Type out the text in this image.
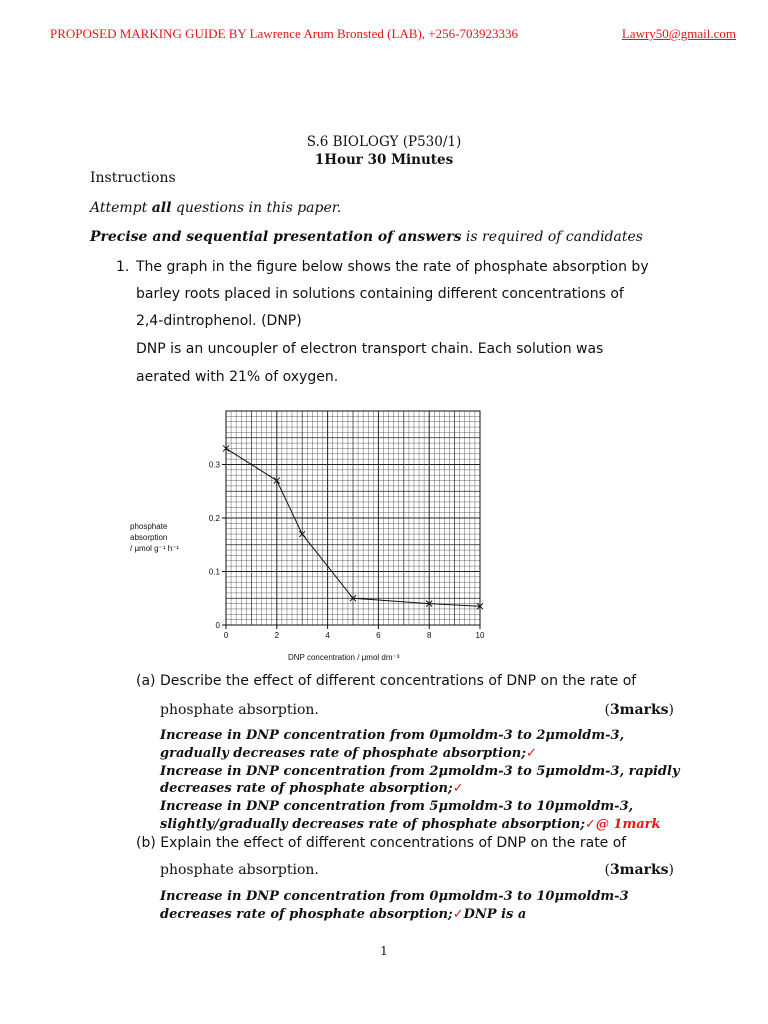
PROPOSED MARKING GUIDE BY Lawrence Arum Bronsted (LAB), +256-703923336	Lawry50@gmail.com
S.6 BIOLOGY (P530/1)
1Hour 30 Minutes
Instructions
Attempt all questions in this paper.
Precise and sequential presentation of answers is required of candidates
1. The graph in the figure below shows the rate of phosphate absorption by
barley roots placed in solutions containing different concentrations of
2,4-dintrophenol. (DNP)
DNP is an uncoupler of electron transport chain. Each solution was
aerated with 21% of oxygen.
0	2	4	6	8	10
0
0.1
0.2
0.3
phosphate
absorption
/ μmol g⁻¹ h⁻¹
DNP concentration / μmol dm⁻³
(a) Describe the effect of different concentrations of DNP on the rate of
phosphate absorption.	(3marks)
Increase in DNP concentration from 0μmoldm-3 to 2μmoldm-3,
gradually decreases rate of phosphate absorption;✓
Increase in DNP concentration from 2μmoldm-3 to 5μmoldm-3, rapidly
decreases rate of phosphate absorption;✓
Increase in DNP concentration from 5μmoldm-3 to 10μmoldm-3,
slightly/gradually decreases rate of phosphate absorption;✓@ 1mark
(b) Explain the effect of different concentrations of DNP on the rate of
phosphate absorption.	(3marks)
Increase in DNP concentration from 0μmoldm-3 to 10μmoldm-3
decreases rate of phosphate absorption;✓DNP is a
1
